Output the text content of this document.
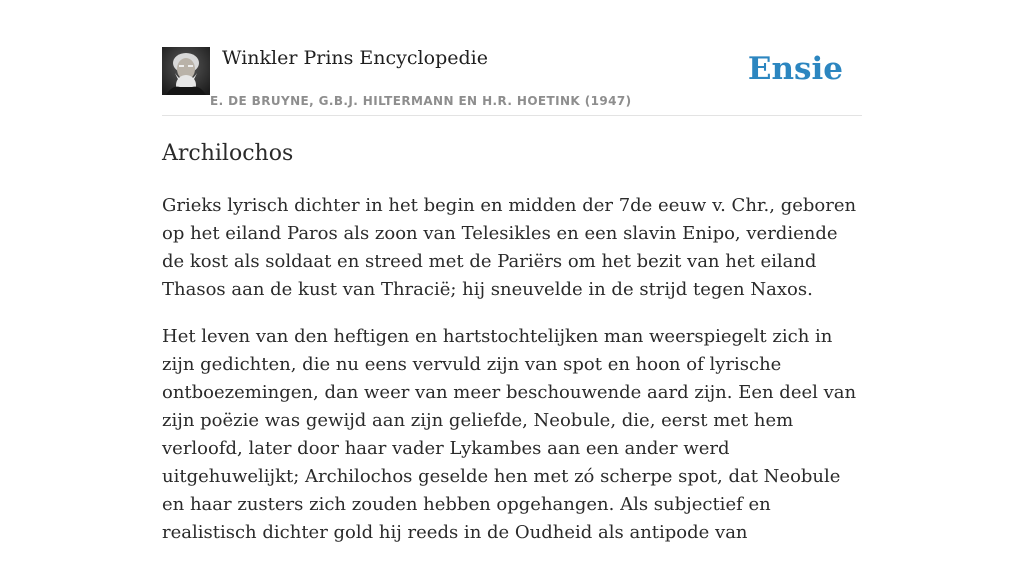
Winkler Prins Encyclopedie
E. DE BRUYNE, G.B.J. HILTERMANN EN H.R. HOETINK (1947)
Ensie
Archilochos

Grieks lyrisch dichter in het begin en midden der 7de eeuw v. Chr., geboren op het eiland Paros als zoon van Telesikles en een slavin Enipo, verdiende de kost als soldaat en streed met de Pariërs om het bezit van het eiland Thasos aan de kust van Thracië; hij sneuvelde in de strijd tegen Naxos.

Het leven van den heftigen en hartstochtelijken man weerspiegelt zich in zijn gedichten, die nu eens vervuld zijn van spot en hoon of lyrische ontboezemingen, dan weer van meer beschouwende aard zijn. Een deel van zijn poëzie was gewijd aan zijn geliefde, Neobule, die, eerst met hem verloofd, later door haar vader Lykambes aan een ander werd uitgehuwelijkt; Archilochos geselde hen met zó scherpe spot, dat Neobule en haar zusters zich zouden hebben opgehangen. Als subjectief en realistisch dichter gold hij reeds in de Oudheid als antipode van
